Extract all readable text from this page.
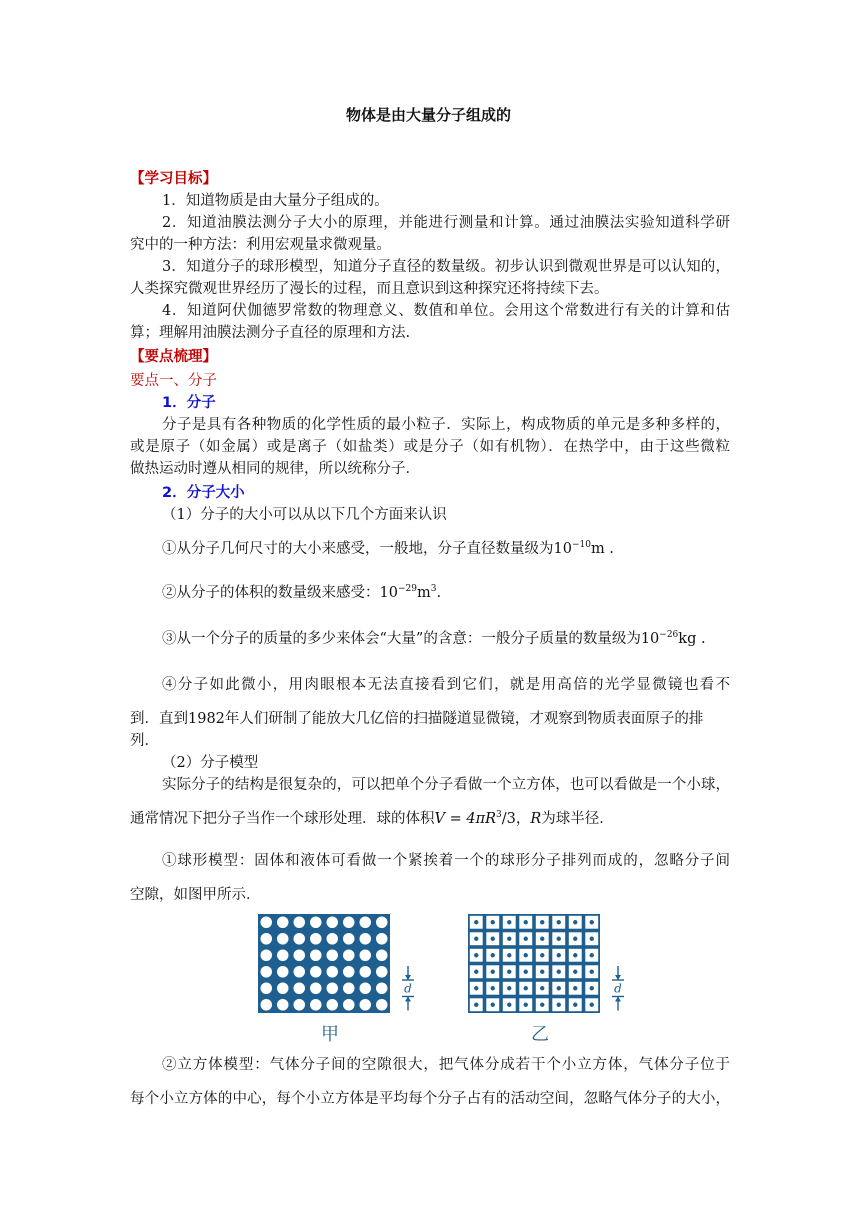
物体是由大量分子组成的
【学习目标】
1．知道物质是由大量分子组成的。
2．知道油膜法测分子大小的原理，并能进行测量和计算。通过油膜法实验知道科学研
究中的一种方法：利用宏观量求微观量。
3．知道分子的球形模型，知道分子直径的数量级。初步认识到微观世界是可以认知的，
人类探究微观世界经历了漫长的过程，而且意识到这种探究还将持续下去。
4．知道阿伏伽德罗常数的物理意义、数值和单位。会用这个常数进行有关的计算和估
算；理解用油膜法测分子直径的原理和方法.
【要点梳理】
要点一、分子
1．分子
分子是具有各种物质的化学性质的最小粒子．实际上，构成物质的单元是多种多样的，
或是原子（如金属）或是离子（如盐类）或是分子（如有机物）．在热学中，由于这些微粒
做热运动时遵从相同的规律，所以统称分子．
2．分子大小
（1）分子的大小可以从以下几个方面来认识
①从分子几何尺寸的大小来感受，一般地，分子直径数量级为$10^{-10}m$ .
②从分子的体积的数量级来感受：$10^{-29}m^3$.
③从一个分子的质量的多少来体会“大量”的含意：一般分子质量的数量级为$10^{-26}kg$ .
④分子如此微小，用肉眼根本无法直接看到它们，就是用高倍的光学显微镜也看不
到．直到1982年人们研制了能放大几亿倍的扫描隧道显微镜，才观察到物质表面原子的排
列．
（2）分子模型
实际分子的结构是很复杂的，可以把单个分子看做一个立方体，也可以看做是一个小球，
通常情况下把分子当作一个球形处理．球的体积$V = 4\pi R^3/3$，R为球半径．
①球形模型：固体和液体可看做一个紧挨着一个的球形分子排列而成的，忽略分子间
空隙，如图甲所示．
d	d
甲	乙
②立方体模型：气体分子间的空隙很大，把气体分成若干个小立方体，气体分子位于
每个小立方体的中心，每个小立方体是平均每个分子占有的活动空间，忽略气体分子的大小，
